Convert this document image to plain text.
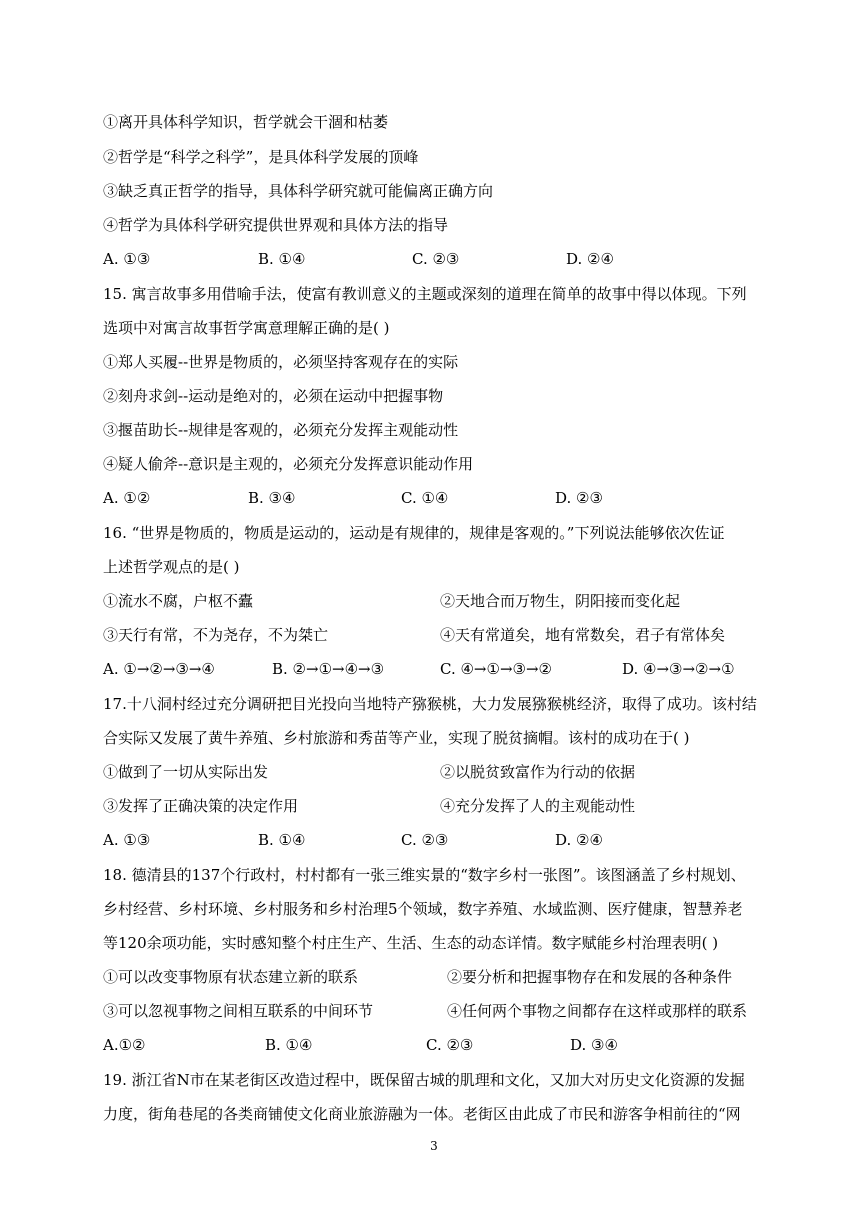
①离开具体科学知识，哲学就会干涸和枯萎
②哲学是“科学之科学”，是具体科学发展的顶峰
③缺乏真正哲学的指导，具体科学研究就可能偏离正确方向
④哲学为具体科学研究提供世界观和具体方法的指导
A. ①③	B. ①④	C. ②③	D. ②④
15. 寓言故事多用借喻手法，使富有教训意义的主题或深刻的道理在简单的故事中得以体现。下列
选项中对寓言故事哲学寓意理解正确的是( )
①郑人买履--世界是物质的，必须坚持客观存在的实际
②刻舟求剑--运动是绝对的，必须在运动中把握事物
③揠苗助长--规律是客观的，必须充分发挥主观能动性
④疑人偷斧--意识是主观的，必须充分发挥意识能动作用
A. ①②	B. ③④	C. ①④	D. ②③
16. “世界是物质的，物质是运动的，运动是有规律的，规律是客观的。”下列说法能够依次佐证
上述哲学观点的是( )
①流水不腐，户枢不蠹	②天地合而万物生，阴阳接而变化起
③天行有常，不为尧存，不为桀亡	④天有常道矣，地有常数矣，君子有常体矣
A. ①→②→③→④	B. ②→①→④→③	C. ④→①→③→②	D. ④→③→②→①
17.十八洞村经过充分调研把目光投向当地特产猕猴桃，大力发展猕猴桃经济，取得了成功。该村结
合实际又发展了黄牛养殖、乡村旅游和秀苗等产业，实现了脱贫摘帽。该村的成功在于( )
①做到了一切从实际出发	②以脱贫致富作为行动的依据
③发挥了正确决策的决定作用	④充分发挥了人的主观能动性
A. ①③	B. ①④	C. ②③	D. ②④
18. 德清县的137个行政村，村村都有一张三维实景的“数字乡村一张图”。该图涵盖了乡村规划、
乡村经营、乡村环境、乡村服务和乡村治理5个领域，数字养殖、水域监测、医疗健康，智慧养老
等120余项功能，实时感知整个村庄生产、生活、生态的动态详情。数字赋能乡村治理表明( )
①可以改变事物原有状态建立新的联系	②要分析和把握事物存在和发展的各种条件
③可以忽视事物之间相互联系的中间环节	④任何两个事物之间都存在这样或那样的联系
A.①②	B. ①④	C. ②③	D. ③④
19. 浙江省N市在某老街区改造过程中，既保留古城的肌理和文化，又加大对历史文化资源的发掘
力度，街角巷尾的各类商铺使文化商业旅游融为一体。老街区由此成了市民和游客争相前往的“网
3
